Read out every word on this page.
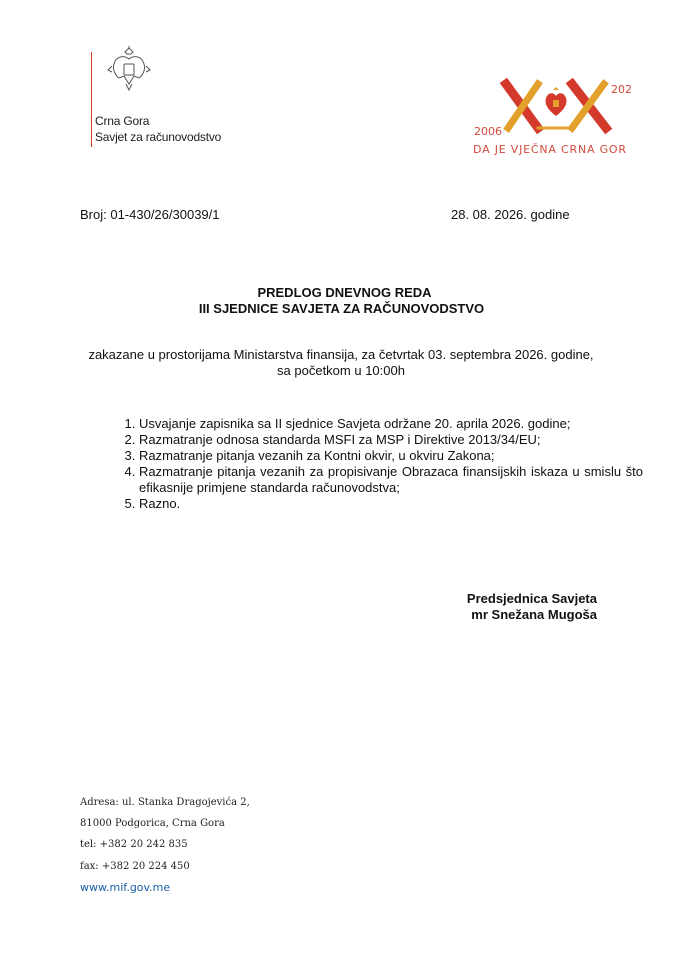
Crna Gora
Savjet za računovodstvo	2006
202
DA JE VJEČNA CRNA GOR
Broj: 01-430/26/30039/1	28. 08. 2026. godine
PREDLOG DNEVNOG REDA
III SJEDNICE SAVJETA ZA RAČUNOVODSTVO
zakazane u prostorijama Ministarstva finansija, za četvrtak 03. septembra 2026. godine, sa početkom u 10:00h
1. Usvajanje zapisnika sa II sjednice Savjeta održane 20. aprila 2026. godine;
2. Razmatranje odnosa standarda MSFI za MSP i Direktive 2013/34/EU;
3. Razmatranje pitanja vezanih za Kontni okvir, u okviru Zakona;
4. Razmatranje pitanja vezanih za propisivanje Obrazaca finansijskih iskaza u smislu što efikasnije primjene standarda računovodstva;
5. Razno.
Predsjednica Savjeta
mr Snežana Mugoša
Adresa: ul. Stanka Dragojevića 2,
81000 Podgorica, Crna Gora
tel: +382 20 242 835
fax: +382 20 224 450
www.mif.gov.me
